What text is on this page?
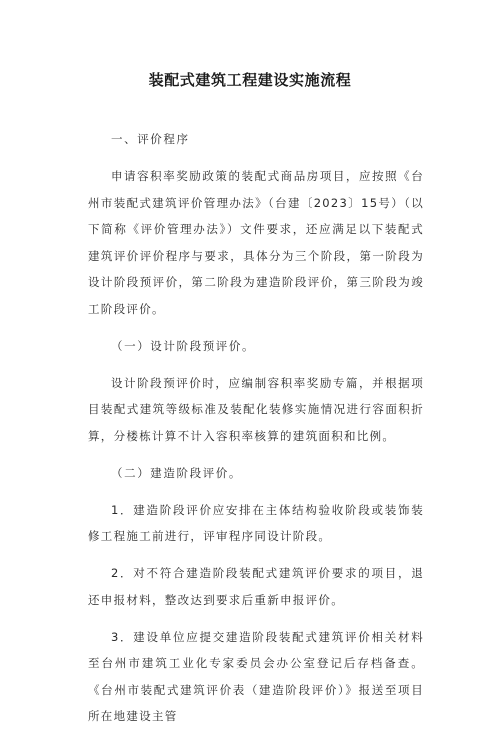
装配式建筑工程建设实施流程

一、评价程序

申请容积率奖励政策的装配式商品房项目，应按照《台州市装配式建筑评价管理办法》（台建〔2023〕15号）（以下简称《评价管理办法》）文件要求，还应满足以下装配式建筑评价评价程序与要求，具体分为三个阶段，第一阶段为设计阶段预评价，第二阶段为建造阶段评价，第三阶段为竣工阶段评价。

（一）设计阶段预评价。

设计阶段预评价时，应编制容积率奖励专篇，并根据项目装配式建筑等级标准及装配化装修实施情况进行容面积折算，分楼栋计算不计入容积率核算的建筑面积和比例。

（二）建造阶段评价。

1．建造阶段评价应安排在主体结构验收阶段或装饰装修工程施工前进行，评审程序同设计阶段。

2．对不符合建造阶段装配式建筑评价要求的项目，退还申报材料，整改达到要求后重新申报评价。

3．建设单位应提交建造阶段装配式建筑评价相关材料至台州市建筑工业化专家委员会办公室登记后存档备查。《台州市装配式建筑评价表（建造阶段评价）》报送至项目所在地建设主管
